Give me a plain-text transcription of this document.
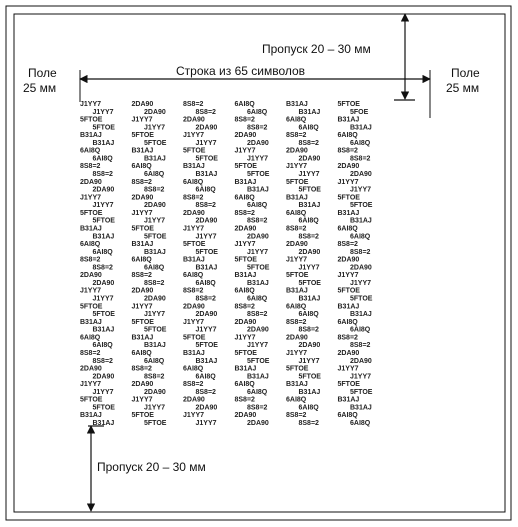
Пропуск 20 – 30 мм
Строка из 65 символов
Поле
25 мм
Поле
25 мм
J1YY7	2DA90	8S8=2	6AI8Q	B31AJ	5FTOE
J1YY7	2DA90	8S8=2	6AI8Q	B31AJ	5FOE
5FTOE	J1YY7	2DA90	8S8=2	6AI8Q	B31AJ
5FTOE	J1YY7	2DA90	8S8=2	6AI8Q	B31AJ
B31AJ	5FTOE	J1YY7	2DA90	8S8=2	6AI8Q
B31AJ	5FTOE	J1YY7	2DA90	8S8=2	6AI8Q
6AI8Q	B31AJ	5FTOE	J1YY7	2DA90	8S8=2
6AI8Q	B31AJ	5FTOE	J1YY7	2DA90	8S8=2
8S8=2	6AI8Q	B31AJ	5FTOE	J1YY7	2DA90
8S8=2	6AI8Q	B31AJ	5FTOE	J1YY7	2DA90
2DA90	8S8=2	6AI8Q	B31AJ	5FTOE	J1YY7
2DA90	8S8=2	6AI8Q	B31AJ	5FTOE	J1YY7
J1YY7	2DA90	8S8=2	6AI8Q	B31AJ	5FTOE
J1YY7	2DA90	8S8=2	6AI8Q	B31AJ	5FTOE
5FTOE	J1YY7	2DA90	8S8=2	6AI8Q	B31AJ
5FTOE	J1YY7	2DA90	8S8=2	6AI8Q	B31AJ
B31AJ	5FTOE	J1YY7	2DA90	8S8=2	6AI8Q
B31AJ	5FTOE	J1YY7	2DA90	8S8=2	6AI8Q
6AI8Q	B31AJ	5FTOE	J1YY7	2DA90	8S8=2
6AI8Q	B31AJ	5FTOE	J1YY7	2DA90	8S8=2
8S8=2	6AI8Q	B31AJ	5FTOE	J1YY7	2DA90
8S8=2	6AI8Q	B31AJ	5FTOE	J1YY7	2DA90
2DA90	8S8=2	6AI8Q	B31AJ	5FTOE	J1YY7
2DA90	8S8=2	6AI8Q	B31AJ	5FTOE	J1YY7
J1YY7	2DA90	8S8=2	6AI8Q	B31AJ	5FTOE
J1YY7	2DA90	8S8=2	6AI8Q	B31AJ	5FTOE
5FTOE	J1YY7	2DA90	8S8=2	6AI8Q	B31AJ
5FTOE	J1YY7	2DA90	8S8=2	6AI8Q	B31AJ
B31AJ	5FTOE	J1YY7	2DA90	8S8=2	6AI8Q
B31AJ	5FTOE	J1YY7	2DA90	8S8=2	6AI8Q
6AI8Q	B31AJ	5FTOE	J1YY7	2DA90	8S8=2
6AI8Q	B31AJ	5FTOE	J1YY7	2DA90	8S8=2
8S8=2	6AI8Q	B31AJ	5FTOE	J1YY7	2DA90
8S8=2	6AI8Q	B31AJ	5FTOE	J1YY7	2DA90
2DA90	8S8=2	6AI8Q	B31AJ	5FTOE	J1YY7
2DA90	8S8=2	6AI8Q	B31AJ	5FTOE	J1YY7
J1YY7	2DA90	8S8=2	6AI8Q	B31AJ	5FTOE
J1YY7	2DA90	8S8=2	6AI8Q	B31AJ	5FTOE
5FTOE	J1YY7	2DA90	8S8=2	6AI8Q	B31AJ
5FTOE	J1YY7	2DA90	8S8=2	6AI8Q	B31AJ
B31AJ	5FTOE	J1YY7	2DA90	8S8=2	6AI8Q
B31AJ	5FTOE	J1YY7	2DA90	8S8=2	6AI8Q
Пропуск 20 – 30 мм
